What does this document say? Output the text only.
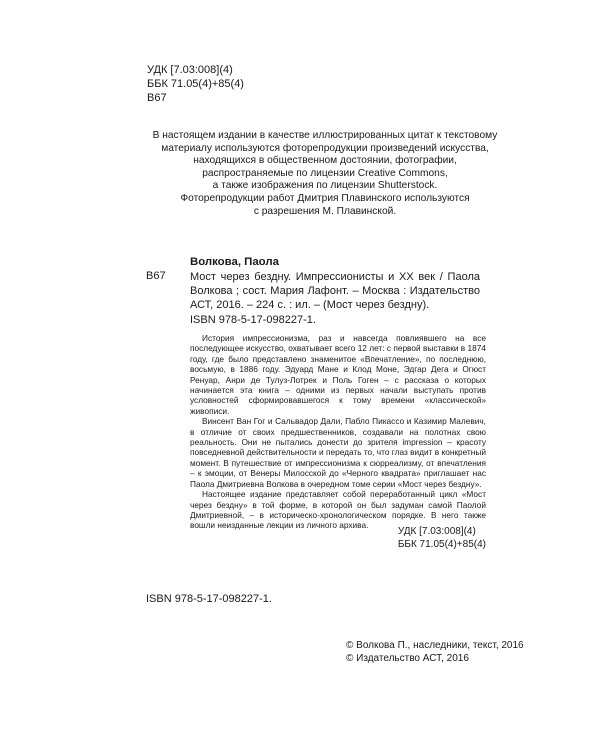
УДК [7.03:008](4)
ББК 71.05(4)+85(4)
В67
В настоящем издании в качестве иллюстрированных цитат к текстовому
материалу используются фоторепродукции произведений искусства,
находящихся в общественном достоянии, фотографии,
распространяемые по лицензии Creative Commons,
а также изображения по лицензии Shutterstock.
Фоторепродукции работ Дмитрия Плавинского используются
с разрешения М. Плавинской.
Волкова, Паола
В67 Мост через бездну. Импрессионисты и XX век / Паола Волкова ; сост. Мария Лафонт. – Москва : Издательство АСТ, 2016. – 224 с. : ил. – (Мост через бездну).
ISBN 978-5-17-098227-1.

История импрессионизма, раз и навсегда повлиявшего на все последующее искусство, охватывает всего 12 лет: с первой выставки в 1874 году, где было представлено знаменитое «Впечатление», по последнюю, восьмую, в 1886 году. Эдуард Мане и Клод Моне, Эдгар Дега и Огюст Ренуар, Анри де Тулуз-Лотрек и Поль Гоген – с рассказа о которых начинается эта книга – одними из первых начали выступать против условностей сформировавшегося к тому времени «классической» живописи.

Винсент Ван Гог и Сальвадор Дали, Пабло Пикассо и Казимир Малевич, в отличие от своих предшественников, создавали на полотнах свою реальность. Они не пытались донести до зрителя impression – красоту повседневной действительности и передать то, что глаз видит в конкретный момент. В путешествие от импрессионизма к сюрреализму, от впечатления – к эмоции, от Венеры Милосской до «Черного квадрата» приглашает нас Паола Дмитриевна Волкова в очередном томе серии «Мост через бездну».

Настоящее издание представляет собой переработанный цикл «Мост через бездну» в той форме, в которой он был задуман самой Паолой Дмитриевной, – в историческо-хронологическом порядке. В него также вошли неизданные лекции из личного архива.

УДК [7.03:008](4)
ББК 71.05(4)+85(4)
ISBN 978-5-17-098227-1.
© Волкова П., наследники, текст, 2016
© Издательство АСТ, 2016
